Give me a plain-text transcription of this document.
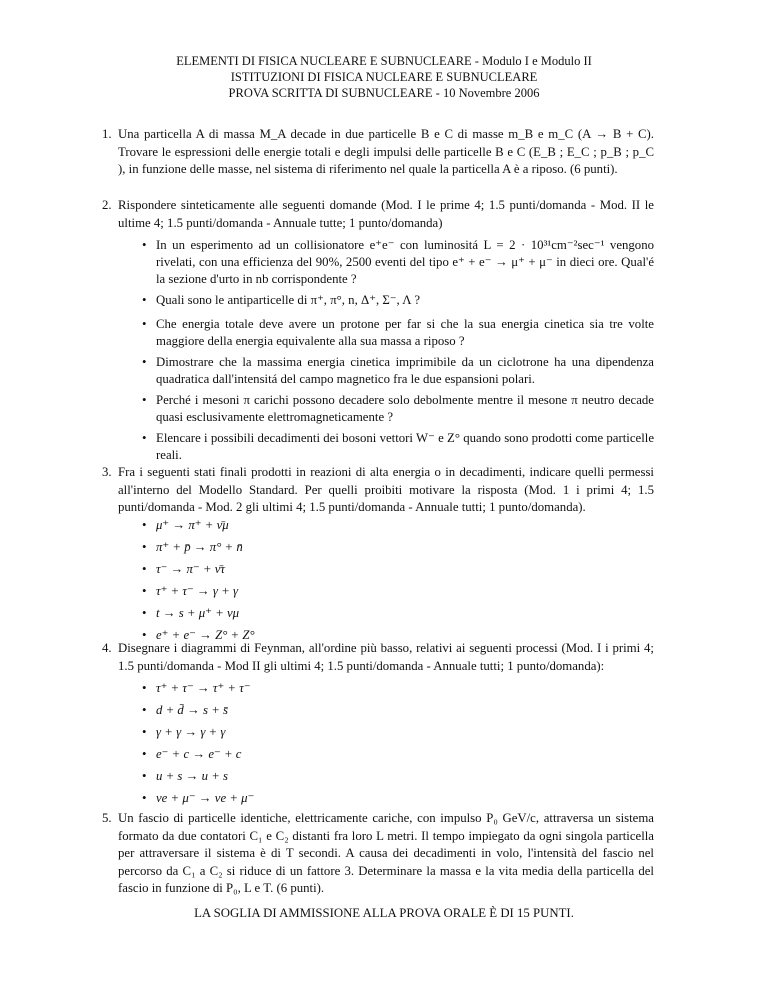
ELEMENTI DI FISICA NUCLEARE E SUBNUCLEARE - Modulo I e Modulo II
ISTITUZIONI DI FISICA NUCLEARE E SUBNUCLEARE
PROVA SCRITTA DI SUBNUCLEARE - 10 Novembre 2006
1. Una particella A di massa M_A decade in due particelle B e C di masse m_B e m_C (A → B + C). Trovare le espressioni delle energie totali e degli impulsi delle particelle B e C (E_B ; E_C ; p_B ; p_C ), in funzione delle masse, nel sistema di riferimento nel quale la particella A è a riposo. (6 punti).
2. Rispondere sinteticamente alle seguenti domande (Mod. I le prime 4; 1.5 punti/domanda - Mod. II le ultime 4; 1.5 punti/domanda - Annuale tutte; 1 punto/domanda)
• In un esperimento ad un collisionatore e⁺e⁻ con luminositá L = 2 · 10³¹cm⁻²sec⁻¹ vengono rivelati, con una efficienza del 90%, 2500 eventi del tipo e⁺ + e⁻ → μ⁺ + μ⁻ in dieci ore. Qual'é la sezione d'urto in nb corrispondente ?
• Quali sono le antiparticelle di π⁺, π°, n, Δ⁺, Σ⁻, Λ ?
• Che energia totale deve avere un protone per far si che la sua energia cinetica sia tre volte maggiore della energia equivalente alla sua massa a riposo ?
• Dimostrare che la massima energia cinetica imprimibile da un ciclotrone ha una dipendenza quadratica dall'intensitá del campo magnetico fra le due espansioni polari.
• Perché i mesoni π carichi possono decadere solo debolmente mentre il mesone π neutro decade quasi esclusivamente elettromagneticamente ?
• Elencare i possibili decadimenti dei bosoni vettori W⁻ e Z° quando sono prodotti come particelle reali.
3. Fra i seguenti stati finali prodotti in reazioni di alta energia o in decadimenti, indicare quelli permessi all'interno del Modello Standard. Per quelli proibiti motivare la risposta (Mod. 1 i primi 4; 1.5 punti/domanda - Mod. 2 gli ultimi 4; 1.5 punti/domanda - Annuale tutti; 1 punto/domanda).
• μ⁺ → π⁺ + ν̄μ
• π⁺ + p̄ → π° + n̄
• τ⁻ → π⁻ + ν̄τ
• τ⁺ + τ⁻ → γ + γ
• t → s + μ⁺ + νμ
• e⁺ + e⁻ → Z° + Z°
4. Disegnare i diagrammi di Feynman, all'ordine più basso, relativi ai seguenti processi (Mod. I i primi 4; 1.5 punti/domanda - Mod II gli ultimi 4; 1.5 punti/domanda - Annuale tutti; 1 punto/domanda):
• τ⁺ + τ⁻ → τ⁺ + τ⁻
• d + d̄ → s + s̄
• γ + γ → γ + γ
• e⁻ + c → e⁻ + c
• u + s → u + s
• νe + μ⁻ → νe + μ⁻
5. Un fascio di particelle identiche, elettricamente cariche, con impulso P₀ GeV/c, attraversa un sistema formato da due contatori C₁ e C₂ distanti fra loro L metri. Il tempo impiegato da ogni singola particella per attraversare il sistema è di T secondi. A causa dei decadimenti in volo, l'intensità del fascio nel percorso da C₁ a C₂ si riduce di un fattore 3. Determinare la massa e la vita media della particella del fascio in funzione di P₀, L e T. (6 punti).
LA SOGLIA DI AMMISSIONE ALLA PROVA ORALE È DI 15 PUNTI.
